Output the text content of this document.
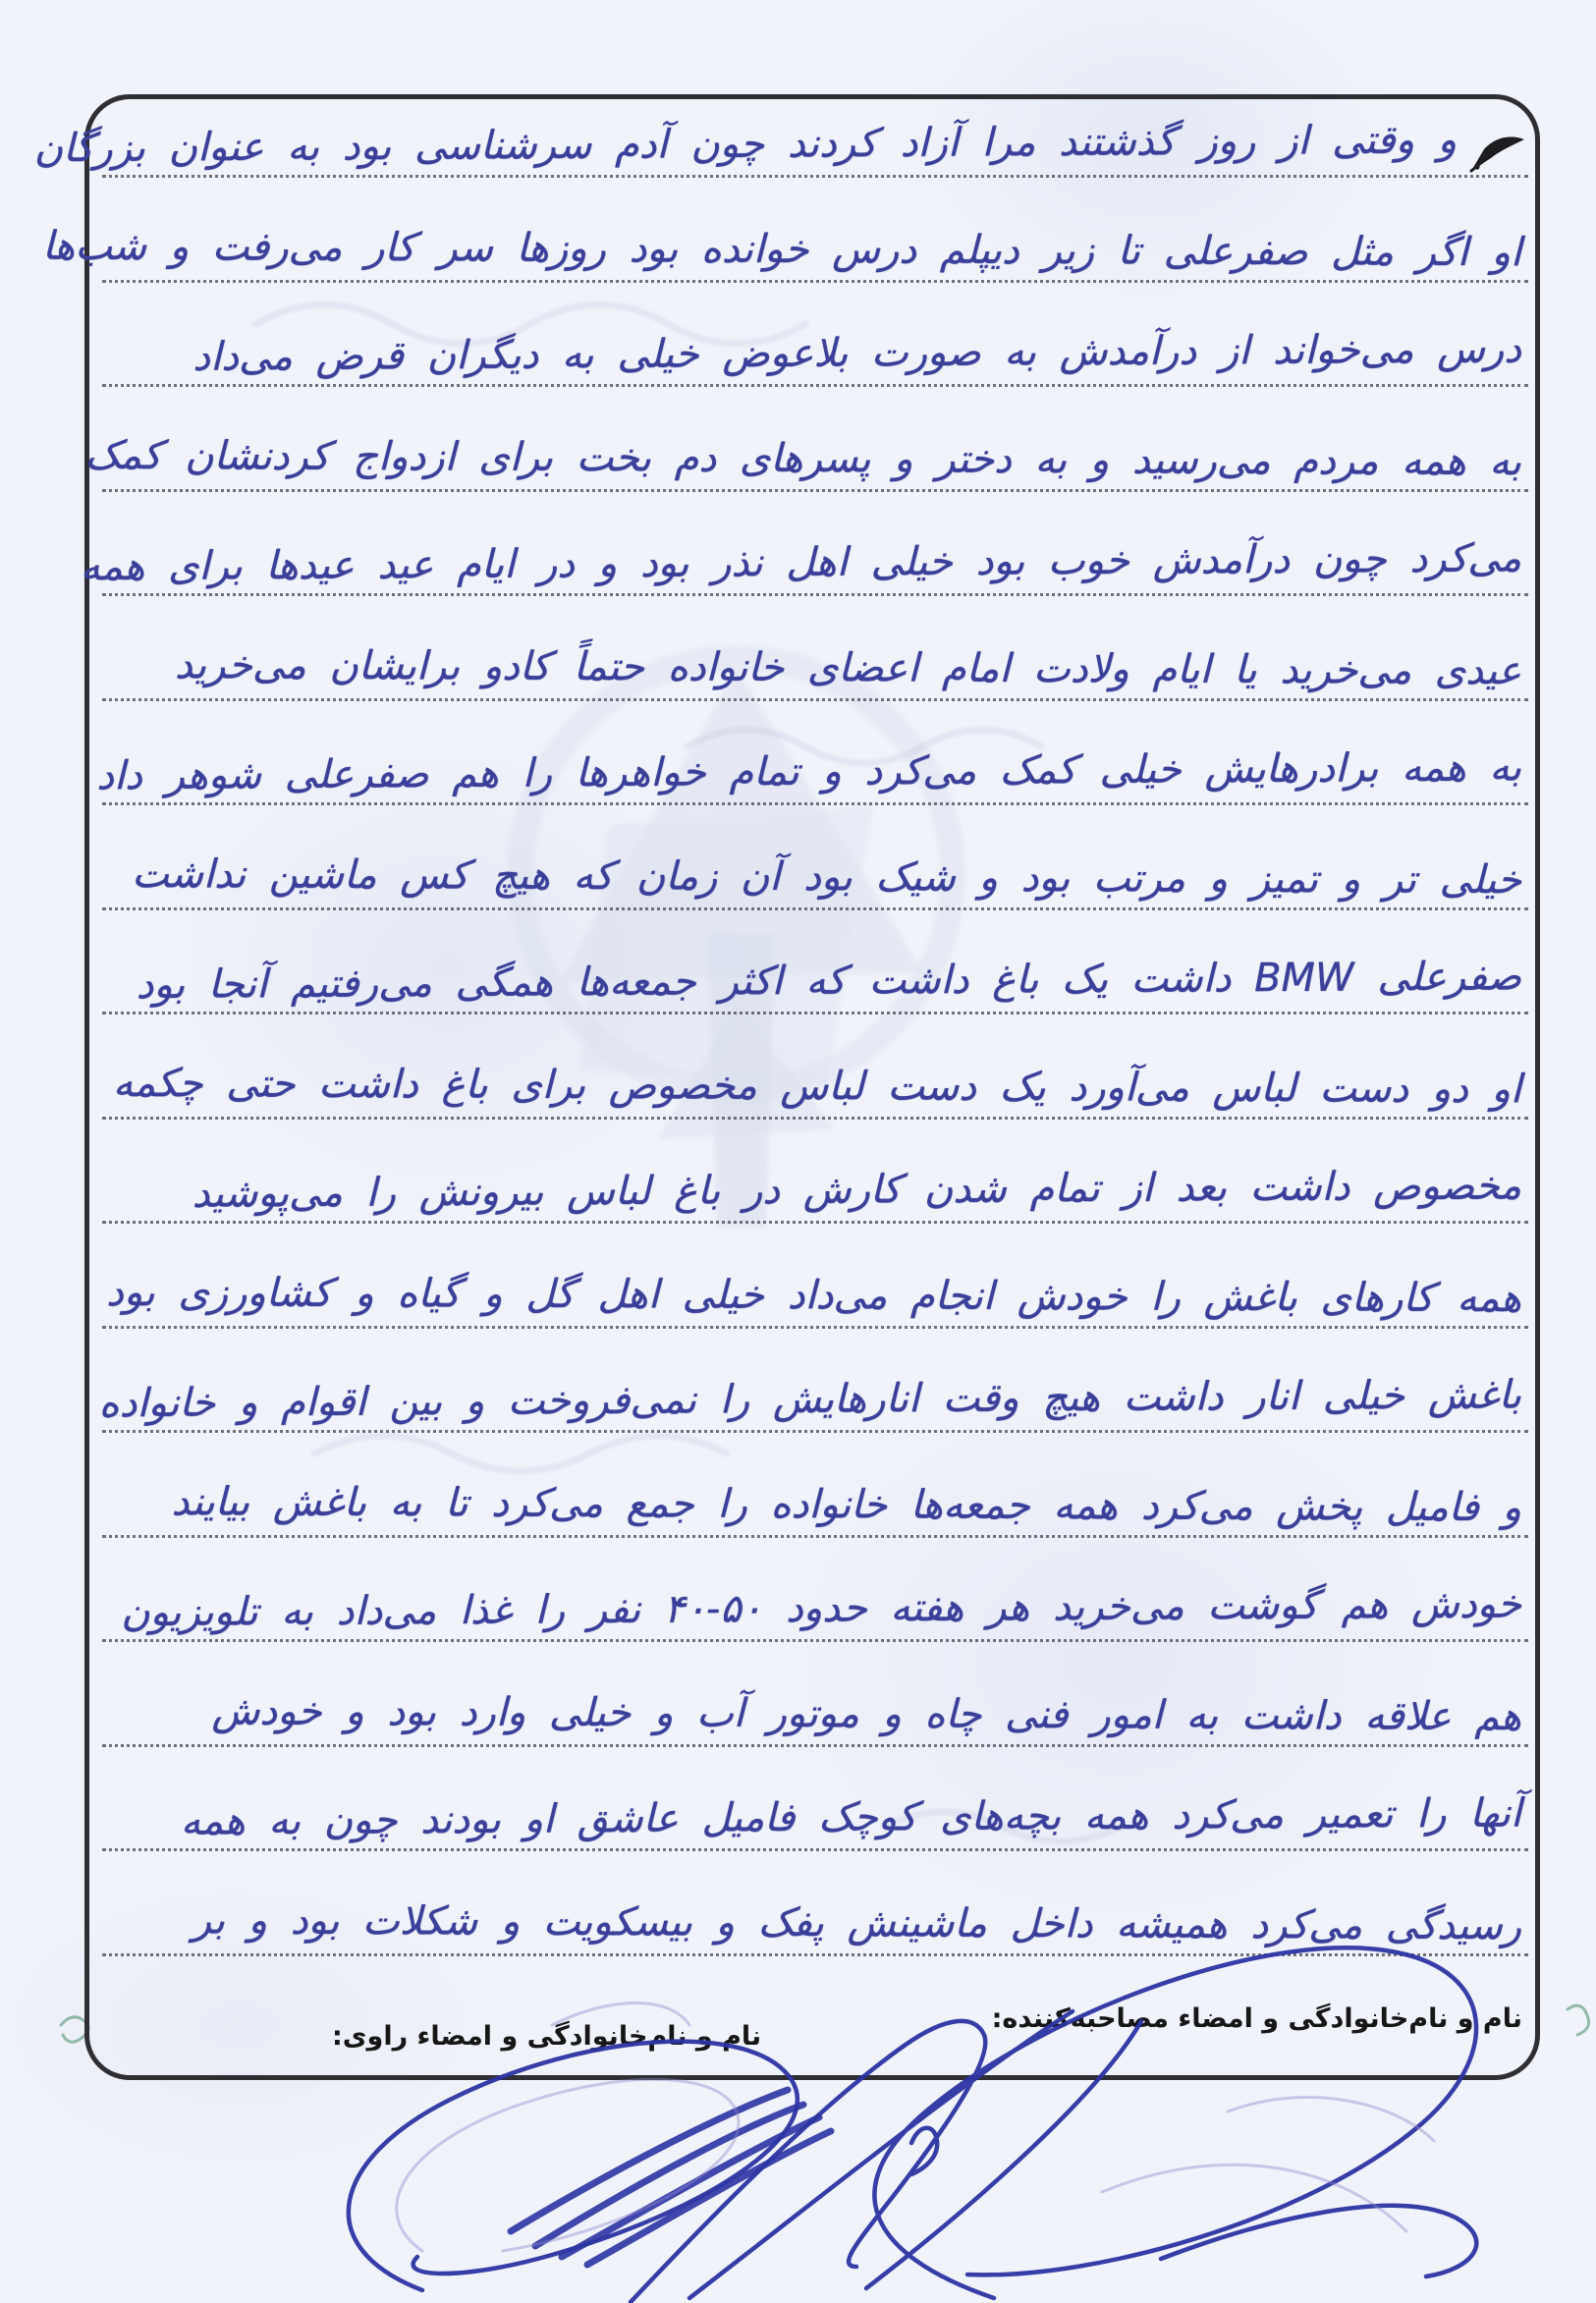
و وقتی از روز گذشتند مرا آزاد کردند چون آدم سرشناسی بود به عنوان بزرگان
او اگر مثل صفرعلی تا زیر دیپلم درس خوانده بود روزها سر کار می‌رفت و شب‌ها
درس می‌خواند از درآمدش به صورت بلاعوض خیلی به دیگران قرض می‌داد
به همه مردم می‌رسید و به دختر و پسرهای دم بخت برای ازدواج کردنشان کمک
می‌کرد چون درآمدش خوب بود خیلی اهل نذر بود و در ایام عید عیدها برای همه
عیدی می‌خرید یا ایام ولادت امام اعضای خانواده حتماً کادو برایشان می‌خرید
به همه برادرهایش خیلی کمک می‌کرد و تمام خواهرها را هم صفرعلی شوهر داد
خیلی تر و تمیز و مرتب بود و شیک بود آن زمان که هیچ کس ماشین نداشت
صفرعلی BMW داشت یک باغ داشت که اکثر جمعه‌ها همگی می‌رفتیم آنجا بود
او دو دست لباس می‌آورد یک دست لباس مخصوص برای باغ داشت حتی چکمه
مخصوص داشت بعد از تمام شدن کارش در باغ لباس بیرونش را می‌پوشید
همه کارهای باغش را خودش انجام می‌داد خیلی اهل گل و گیاه و کشاورزی بود
باغش خیلی انار داشت هیچ وقت انارهایش را نمی‌فروخت و بین اقوام و خانواده
و فامیل پخش می‌کرد همه جمعه‌ها خانواده را جمع می‌کرد تا به باغش بیایند
خودش هم گوشت می‌خرید هر هفته حدود ۵۰-۴۰ نفر را غذا می‌داد به تلویزیون
هم علاقه داشت به امور فنی چاه و موتور آب و خیلی وارد بود و خودش
آنها را تعمیر می‌کرد همه بچه‌های کوچک فامیل عاشق او بودند چون به همه
رسیدگی می‌کرد همیشه داخل ماشینش پفک و بیسکویت و شکلات بود و بر
نام و نام‌خانوادگی و امضاء مصاحبه‌کننده:
نام و نام‌خانوادگی و امضاء راوی:
